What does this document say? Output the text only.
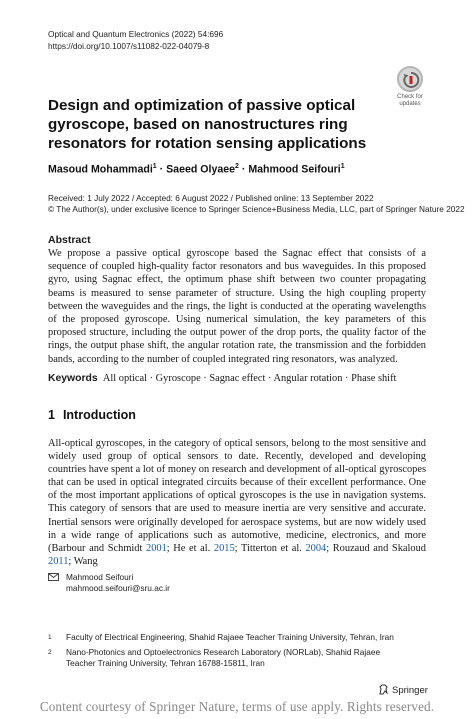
Optical and Quantum Electronics (2022) 54:696
https://doi.org/10.1007/s11082-022-04079-8
Check for updates
Design and optimization of passive optical gyroscope, based on nanostructures ring resonators for rotation sensing applications
Masoud Mohammadi$^1$ · Saeed Olyaee$^2$ · Mahmood Seifouri$^1$
Received: 1 July 2022 / Accepted: 6 August 2022 / Published online: 13 September 2022
© The Author(s), under exclusive licence to Springer Science+Business Media, LLC, part of Springer Nature 2022
Abstract
We propose a passive optical gyroscope based the Sagnac effect that consists of a sequence of coupled high-quality factor resonators and bus waveguides. In this proposed gyro, using Sagnac effect, the optimum phase shift between two counter propagating beams is measured to sense parameter of structure. Using the high coupling property between the waveguides and the rings, the light is conducted at the operating wavelengths of the proposed gyroscope. Using numerical simulation, the key parameters of this proposed structure, including the output power of the drop ports, the quality factor of the rings, the output phase shift, the angular rotation rate, the transmission and the forbidden bands, according to the number of coupled integrated ring resonators, was analyzed.
Keywords All optical · Gyroscope · Sagnac effect · Angular rotation · Phase shift
1 Introduction
All-optical gyroscopes, in the category of optical sensors, belong to the most sensitive and widely used group of optical sensors to date. Recently, developed and developing countries have spent a lot of money on research and development of all-optical gyroscopes that can be used in optical integrated circuits because of their excellent performance. One of the most important applications of optical gyroscopes is the use in navigation systems. This category of sensors that are used to measure inertia are very sensitive and accurate. Inertial sensors were originally developed for aerospace systems, but are now widely used in a wide range of applications such as automotive, medicine, electronics, and more (Barbour and Schmidt 2001; He et al. 2015; Titterton et al. 2004; Rouzaud and Skaloud 2011; Wang
Mahmood Seifouri
mahmood.seifouri@sru.ac.ir
1 Faculty of Electrical Engineering, Shahid Rajaee Teacher Training University, Tehran, Iran
2 Nano-Photonics and Optoelectronics Research Laboratory (NORLab), Shahid Rajaee Teacher Training University, Tehran 16788-15811, Iran
Springer
Content courtesy of Springer Nature, terms of use apply. Rights reserved.
